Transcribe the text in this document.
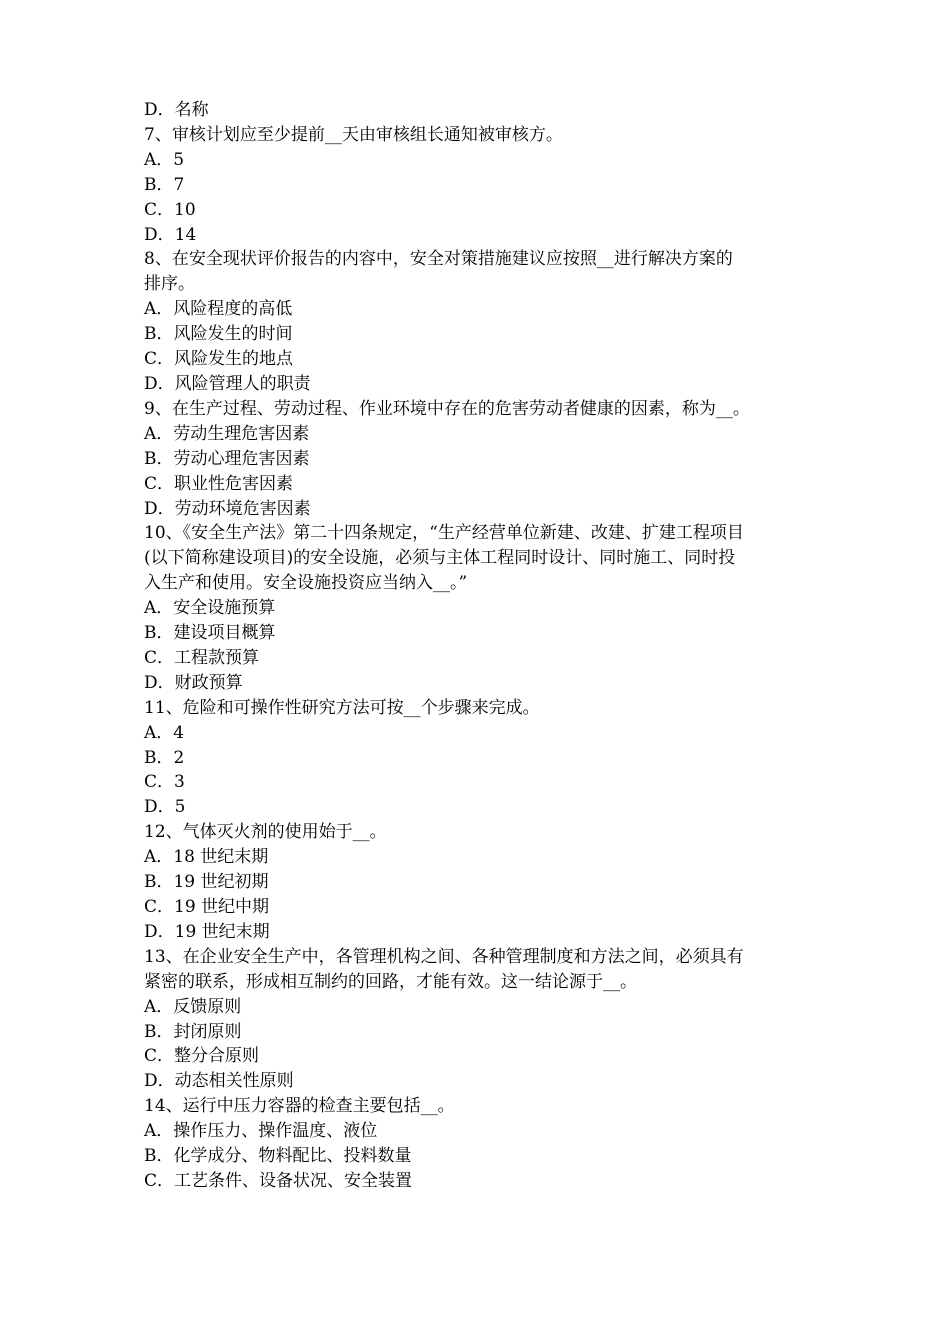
D．名称
7、审核计划应至少提前__天由审核组长通知被审核方。
A．5
B．7
C．10
D．14
8、在安全现状评价报告的内容中，安全对策措施建议应按照__进行解决方案的
排序。
A．风险程度的高低
B．风险发生的时间
C．风险发生的地点
D．风险管理人的职责
9、在生产过程、劳动过程、作业环境中存在的危害劳动者健康的因素，称为__。
A．劳动生理危害因素
B．劳动心理危害因素
C．职业性危害因素
D．劳动环境危害因素
10、《安全生产法》第二十四条规定，“生产经营单位新建、改建、扩建工程项目
(以下简称建设项目)的安全设施，必须与主体工程同时设计、同时施工、同时投
入生产和使用。安全设施投资应当纳入__。”
A．安全设施预算
B．建设项目概算
C．工程款预算
D．财政预算
11、危险和可操作性研究方法可按__个步骤来完成。
A．4
B．2
C．3
D．5
12、气体灭火剂的使用始于__。
A．18 世纪末期
B．19 世纪初期
C．19 世纪中期
D．19 世纪末期
13、在企业安全生产中，各管理机构之间、各种管理制度和方法之间，必须具有
紧密的联系，形成相互制约的回路，才能有效。这一结论源于__。
A．反馈原则
B．封闭原则
C．整分合原则
D．动态相关性原则
14、运行中压力容器的检查主要包括__。
A．操作压力、操作温度、液位
B．化学成分、物料配比、投料数量
C．工艺条件、设备状况、安全装置
